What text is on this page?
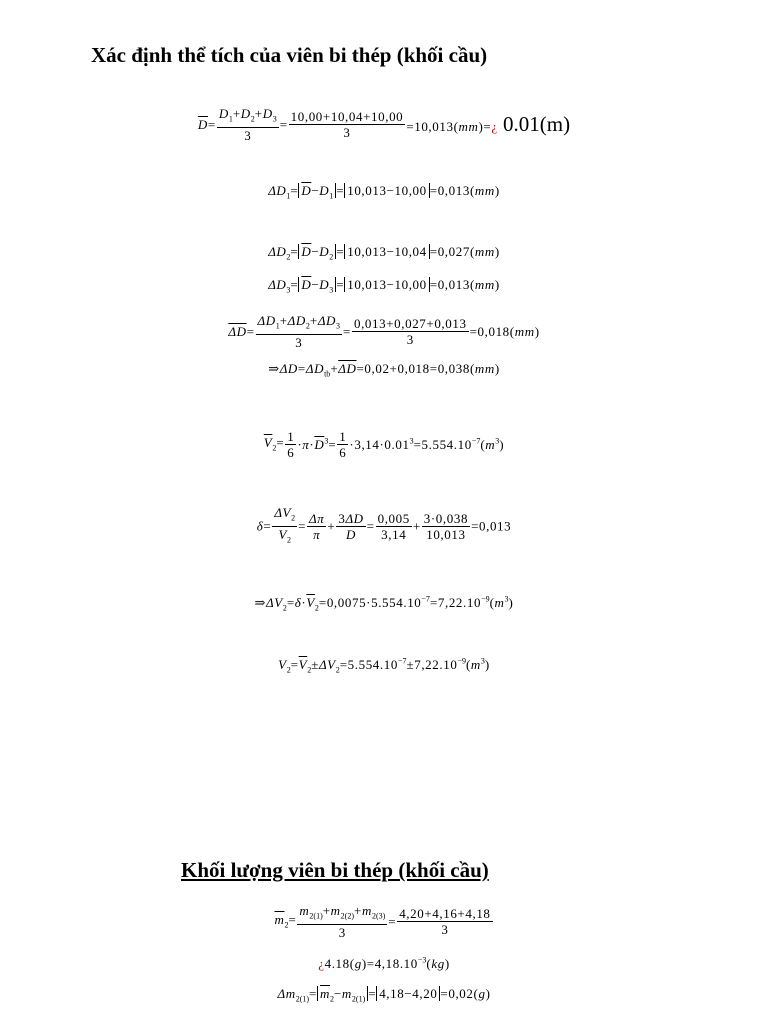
Xác định thể tích của viên bi thép (khối cầu)
$\overline{D}= \frac{D_1+D_2+D_3}{3} = \frac{10,00+10,04+10,00}{3}$ =10,013(mm)=¿ 0.01(m)
$\Delta D_1= \overline{D}-D_1 = 10,013-10,00 =0,013(mm)$
$\Delta D_2= \overline{D}-D_2 = 10,013-10,04 =0,027(mm)$
$\Delta D_3= \overline{D}-D_3 = 10,013-10,00 =0,013(mm)$
$\overline{\Delta D}= \frac{\Delta D_1+\Delta D_2+\Delta D_3}{3} = \frac{0,013+0,027+0,013}{3} =0,018(mm)$
$\Rightarrow\Delta D=\Delta D_{tb}+\overline{\Delta D}=0,02+0,018=0,038(mm)$
$\overline{V}_2= \frac{1}{6} \cdot\pi\cdot\overline{D}^3= \frac{1}{6} \cdot 3,14\cdot 0.01^3=5.554.10^{-7}(m^3)$
$\delta= \frac{\Delta V_2}{\overline{V}_2} = \frac{\Delta\pi}{\pi} + \frac{3\Delta D}{D} = \frac{0,005}{3,14} + \frac{3\cdot 0,038}{10,013} =0,013$
$\Rightarrow\Delta V_2=\delta\cdot\overline{V}_2=0,0075\cdot 5.554.10^{-7}=7,22.10^{-9}(m^3)$
$V_2=\overline{V}_2\pm\Delta V_2=5.554.10^{-7}\pm 7,22.10^{-9}(m^3)$
Khối lượng viên bi thép (khối cầu)
$\overline{m}_2= \frac{m_{2(1)}+m_{2(2)}+m_{2(3)}}{3} = \frac{4,20+4,16+4,18}{3}$
¿$4.18(g)=4,18.10^{-3}(kg)$
$\Delta m_{2(1)}= \overline{m}_2-m_{2(1)} = 4,18-4,20 =0,02(g)$
